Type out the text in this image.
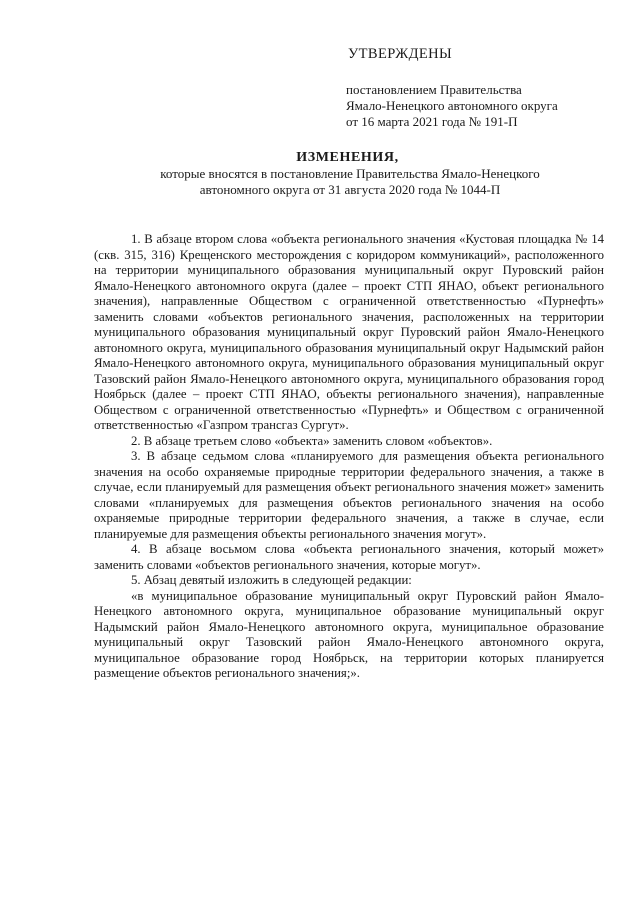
УТВЕРЖДЕНЫ
постановлением Правительства
Ямало-Ненецкого автономного округа
от 16 марта 2021 года № 191-П
ИЗМЕНЕНИЯ,
которые вносятся в постановление Правительства Ямало-Ненецкого
автономного округа от 31 августа 2020 года № 1044-П

1. В абзаце втором слова «объекта регионального значения «Кустовая площадка № 14 (скв. 315, 316) Крещенского месторождения с коридором коммуникаций», расположенного на территории муниципального образования муниципальный округ Пуровский район Ямало-Ненецкого автономного округа (далее – проект СТП ЯНАО, объект регионального значения), направленные Обществом с ограниченной ответственностью «Пурнефть» заменить словами «объектов регионального значения, расположенных на территории муниципального образования муниципальный округ Пуровский район Ямало-Ненецкого автономного округа, муниципального образования муниципальный округ Надымский район Ямало-Ненецкого автономного округа, муниципального образования муниципальный округ Тазовский район Ямало-Ненецкого автономного округа, муниципального образования город Ноябрьск (далее – проект СТП ЯНАО, объекты регионального значения), направленные Обществом с ограниченной ответственностью «Пурнефть» и Обществом с ограниченной ответственностью «Газпром трансгаз Сургут».

2. В абзаце третьем слово «объекта» заменить словом «объектов».

3. В абзаце седьмом слова «планируемого для размещения объекта регионального значения на особо охраняемые природные территории федерального значения, а также в случае, если планируемый для размещения объект регионального значения может» заменить словами «планируемых для размещения объектов регионального значения на особо охраняемые природные территории федерального значения, а также в случае, если планируемые для размещения объекты регионального значения могут».

4. В абзаце восьмом слова «объекта регионального значения, который может» заменить словами «объектов регионального значения, которые могут».

5. Абзац девятый изложить в следующей редакции:

«в муниципальное образование муниципальный округ Пуровский район Ямало-Ненецкого автономного округа, муниципальное образование муниципальный округ Надымский район Ямало-Ненецкого автономного округа, муниципальное образование муниципальный округ Тазовский район Ямало-Ненецкого автономного округа, муниципальное образование город Ноябрьск, на территории которых планируется размещение объектов регионального значения;».
